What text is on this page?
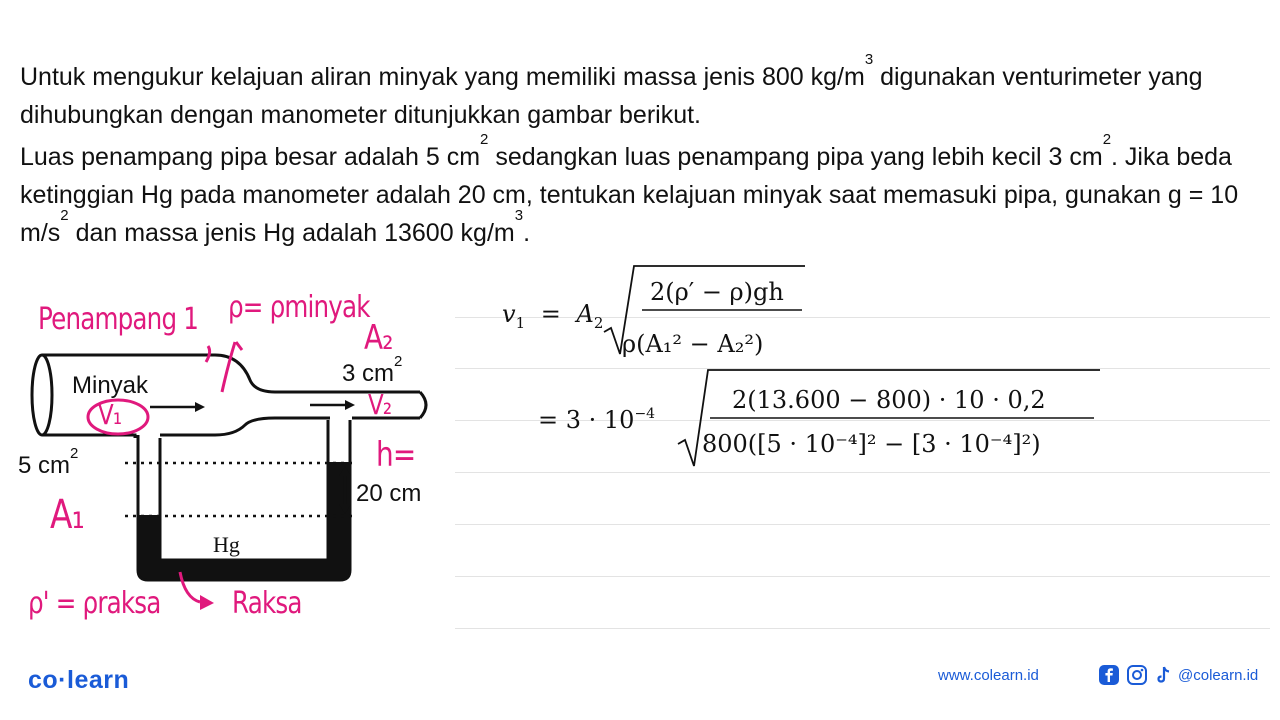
Untuk mengukur kelajuan aliran minyak yang memiliki massa jenis 800 $kg/m^3$ digunakan venturimeter yang dihubungkan dengan manometer ditunjukkan gambar berikut.

Luas penampang pipa besar adalah 5 $cm^2$ sedangkan luas penampang pipa yang lebih kecil 3 $cm^2$. Jika beda ketinggian Hg pada manometer adalah 20 cm, tentukan kelajuan minyak saat memasuki pipa, gunakan g = 10 $m/s^2$ dan massa jenis Hg adalah 13600 $kg/m^3$.

Penampang 1 ρ= ρminyak
A₂
V₁	V₂
h=
A₁
ρ' = ρraksa Raksa
Minyak	3 $cm^2$
5 $cm^2$
20 cm
Hg
$v_1 = A_2$
2(ρ′ − ρ)gh
ρ(A₁² − A₂²)
= $3 \cdot 10^{-4}$	2(13.600 − 800) · 10 · 0,2
800([5 · 10⁻⁴]² − [3 · 10⁻⁴]²)
co·learn	www.colearn.id	@colearn.id
